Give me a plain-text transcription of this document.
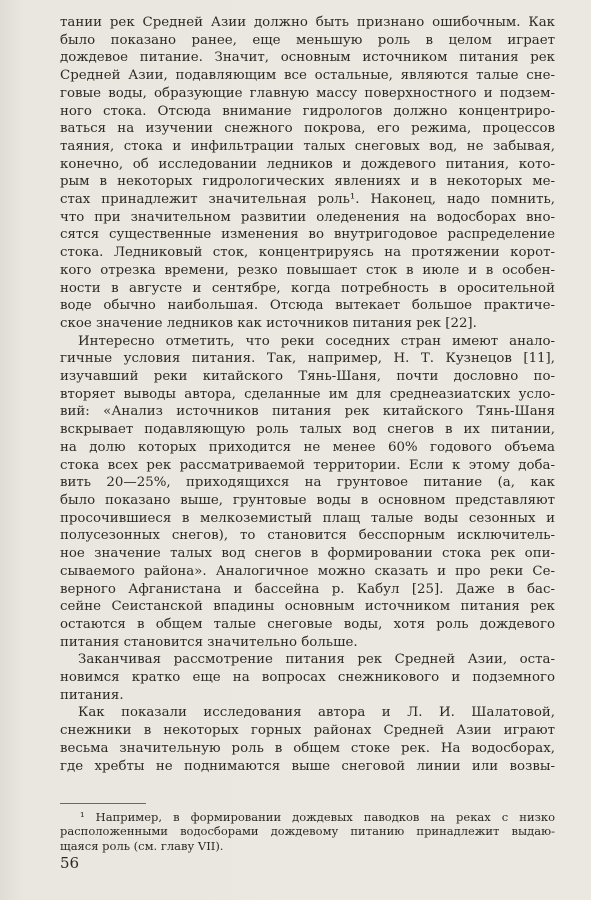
тании рек Средней Азии должно быть признано ошибочным. Как
было показано ранее, еще меньшую роль в целом играет
дождевое питание. Значит, основным источником питания рек
Средней Азии, подавляющим все остальные, являются талые сне-
говые воды, образующие главную массу поверхностного и подзем-
ного стока. Отсюда внимание гидрологов должно концентриро-
ваться на изучении снежного покрова, его режима, процессов
таяния, стока и инфильтрации талых снеговых вод, не забывая,
конечно, об исследовании ледников и дождевого питания, кото-
рым в некоторых гидрологических явлениях и в некоторых ме-
стах принадлежит значительная роль¹. Наконец, надо помнить,
что при значительном развитии оледенения на водосборах вно-
сятся существенные изменения во внутригодовое распределение
стока. Ледниковый сток, концентрируясь на протяжении корот-
кого отрезка времени, резко повышает сток в июле и в особен-
ности в августе и сентябре, когда потребность в оросительной
воде обычно наибольшая. Отсюда вытекает большое практиче-
ское значение ледников как источников питания рек [22].

Интересно отметить, что реки соседних стран имеют анало-
гичные условия питания. Так, например, Н. Т. Кузнецов [11],
изучавший реки китайского Тянь-Шаня, почти дословно по-
вторяет выводы автора, сделанные им для среднеазиатских усло-
вий: «Анализ источников питания рек китайского Тянь-Шаня
вскрывает подавляющую роль талых вод снегов в их питании,
на долю которых приходится не менее 60% годового объема
стока всех рек рассматриваемой территории. Если к этому доба-
вить 20—25%, приходящихся на грунтовое питание (а, как
было показано выше, грунтовые воды в основном представляют
просочившиеся в мелкоземистый плащ талые воды сезонных и
полусезонных снегов), то становится бесспорным исключитель-
ное значение талых вод снегов в формировании стока рек опи-
сываемого района». Аналогичное можно сказать и про реки Се-
верного Афганистана и бассейна р. Кабул [25]. Даже в бас-
сейне Сеистанской впадины основным источником питания рек
остаются в общем талые снеговые воды, хотя роль дождевого
питания становится значительно больше.

Заканчивая рассмотрение питания рек Средней Азии, оста-
новимся кратко еще на вопросах снежникового и подземного
питания.

Как показали исследования автора и Л. И. Шалатовой,
снежники в некоторых горных районах Средней Азии играют
весьма значительную роль в общем стоке рек. На водосборах,
где хребты не поднимаются выше снеговой линии или возвы-

¹ Например, в формировании дождевых паводков на реках с низко
расположенными водосборами дождевому питанию принадлежит выдаю-
щаяся роль (см. главу VII).

56
